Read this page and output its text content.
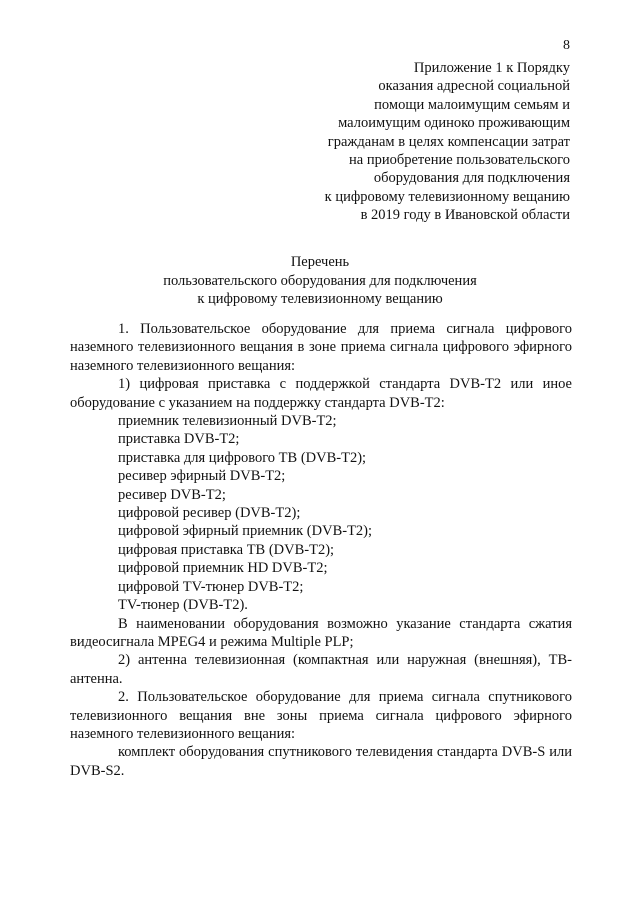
8
Приложение 1 к Порядку
оказания адресной социальной
помощи малоимущим семьям и
малоимущим одиноко проживающим
гражданам в целях компенсации затрат
на приобретение пользовательского
оборудования для подключения
к цифровому телевизионному вещанию
в 2019 году в Ивановской области
Перечень
пользовательского оборудования для подключения
к цифровому телевизионному вещанию

1. Пользовательское оборудование для приема сигнала цифрового наземного телевизионного вещания в зоне приема сигнала цифрового эфирного наземного телевизионного вещания:

1) цифровая приставка с поддержкой стандарта DVB-T2 или иное оборудование с указанием на поддержку стандарта DVB-T2:

приемник телевизионный DVB-T2;

приставка DVB-T2;

приставка для цифрового ТВ (DVB-T2);

ресивер эфирный DVB-T2;

ресивер DVB-T2;

цифровой ресивер (DVB-T2);

цифровой эфирный приемник (DVB-T2);

цифровая приставка ТВ (DVB-T2);

цифровой приемник HD DVB-T2;

цифровой TV-тюнер DVB-T2;

TV-тюнер (DVB-T2).

В наименовании оборудования возможно указание стандарта сжатия видеосигнала MPEG4 и режима Multiple PLP;

2) антенна телевизионная (компактная или наружная (внешняя), ТВ-антенна.

2. Пользовательское оборудование для приема сигнала спутникового телевизионного вещания вне зоны приема сигнала цифрового эфирного наземного телевизионного вещания:

комплект оборудования спутникового телевидения стандарта DVB-S или DVB-S2.
